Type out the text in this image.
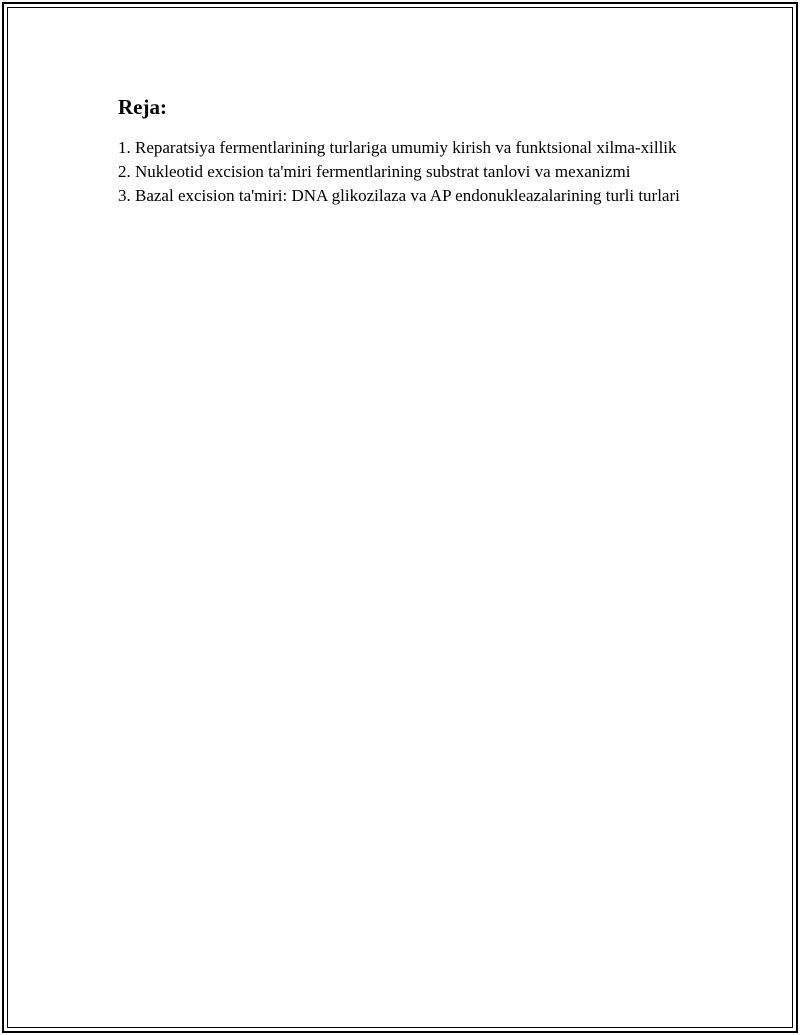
Reja:
1. Reparatsiya fermentlarining turlariga umumiy kirish va funktsional xilma-xillik
2. Nukleotid excision ta'miri fermentlarining substrat tanlovi va mexanizmi
3. Bazal excision ta'miri: DNA glikozilaza va AP endonukleazalarining turli turlari
